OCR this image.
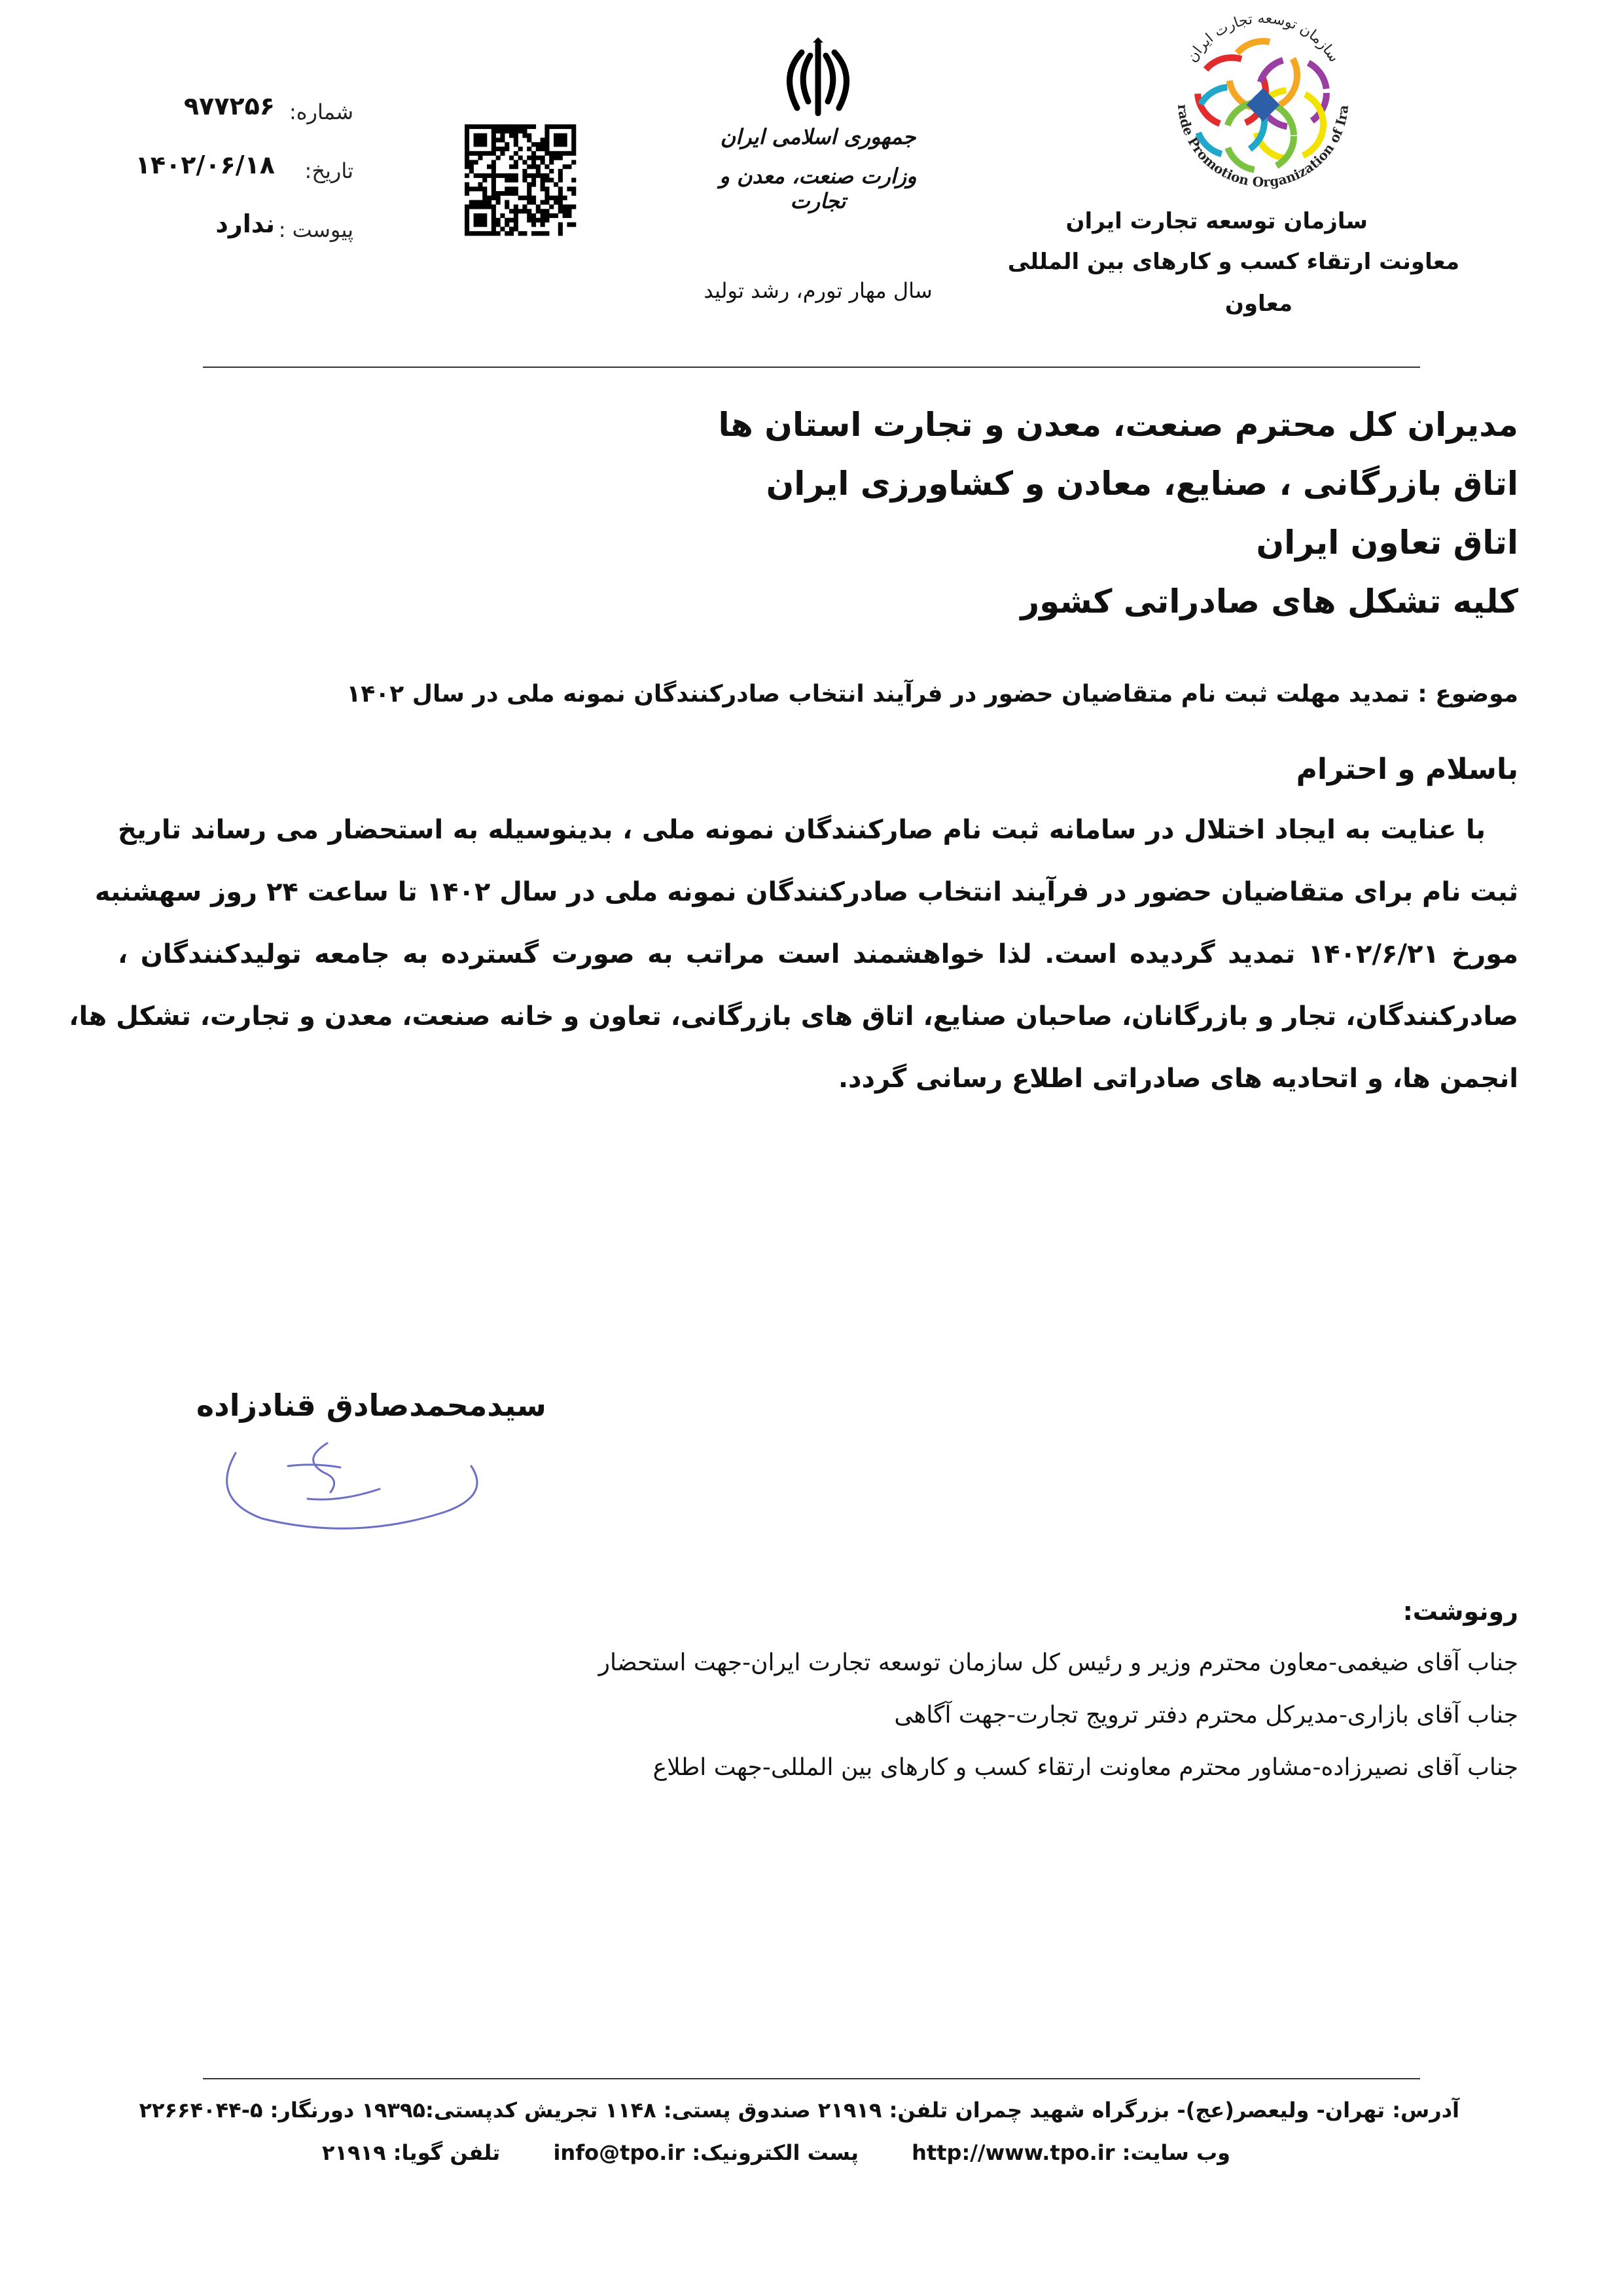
سازمان توسعه تجارت ایران
rade Promotion Organization of Ira
سازمان توسعه تجارت ایران
معاونت ارتقاء کسب و کارهای بین المللی
معاون
جمهوری اسلامی ایران
وزارت صنعت، معدن و تجارت
سال مهار تورم، رشد تولید
شماره:
۹۷۷۲۵۶
تاریخ:
۱۴۰۲/۰۶/۱۸
پیوست :
ندارد
مدیران کل محترم صنعت، معدن و تجارت استان ها
اتاق بازرگانی ، صنایع، معادن و کشاورزی ایران
اتاق تعاون ایران
کلیه تشکل های صادراتی کشور
موضوع : تمدید مهلت ثبت نام متقاضیان حضور در فرآیند انتخاب صادرکنندگان نمونه ملی در سال ۱۴۰۲
باسلام و احترام
با عنایت به ایجاد اختلال در سامانه ثبت نام صارکنندگان نمونه ملی ، بدینوسیله به استحضار می رساند تاریخ
ثبت نام برای متقاضیان حضور در فرآیند انتخاب صادرکنندگان نمونه ملی در سال ۱۴۰۲ تا ساعت ۲۴ روز سهشنبه
مورخ ۱۴۰۲/۶/۲۱ تمدید گردیده است. لذا خواهشمند است مراتب به صورت گسترده به جامعه تولیدکنندگان ،
صادرکنندگان، تجار و بازرگانان، صاحبان صنایع، اتاق های بازرگانی، تعاون و خانه صنعت، معدن و تجارت، تشکل ها،
انجمن ها، و اتحادیه های صادراتی اطلاع رسانی گردد.
سیدمحمدصادق قنادزاده
رونوشت:
جناب آقای ضیغمی-معاون محترم وزیر و رئیس کل سازمان توسعه تجارت ایران-جهت استحضار
جناب آقای بازاری-مدیرکل محترم دفتر ترویج تجارت-جهت آگاهی
جناب آقای نصیرزاده-مشاور محترم معاونت ارتقاء کسب و کارهای بین المللی-جهت اطلاع
آدرس: تهران- ولیعصر(عج)- بزرگراه شهید چمران تلفن: ۲۱۹۱۹ صندوق پستی: ۱۱۴۸ تجریش کدپستی:۱۹۳۹۵ دورنگار: ۵-۲۲۶۶۴۰۴۴
وب سایت: http://www.tpo.ir پست الکترونیک: info@tpo.ir تلفن گویا: ۲۱۹۱۹
